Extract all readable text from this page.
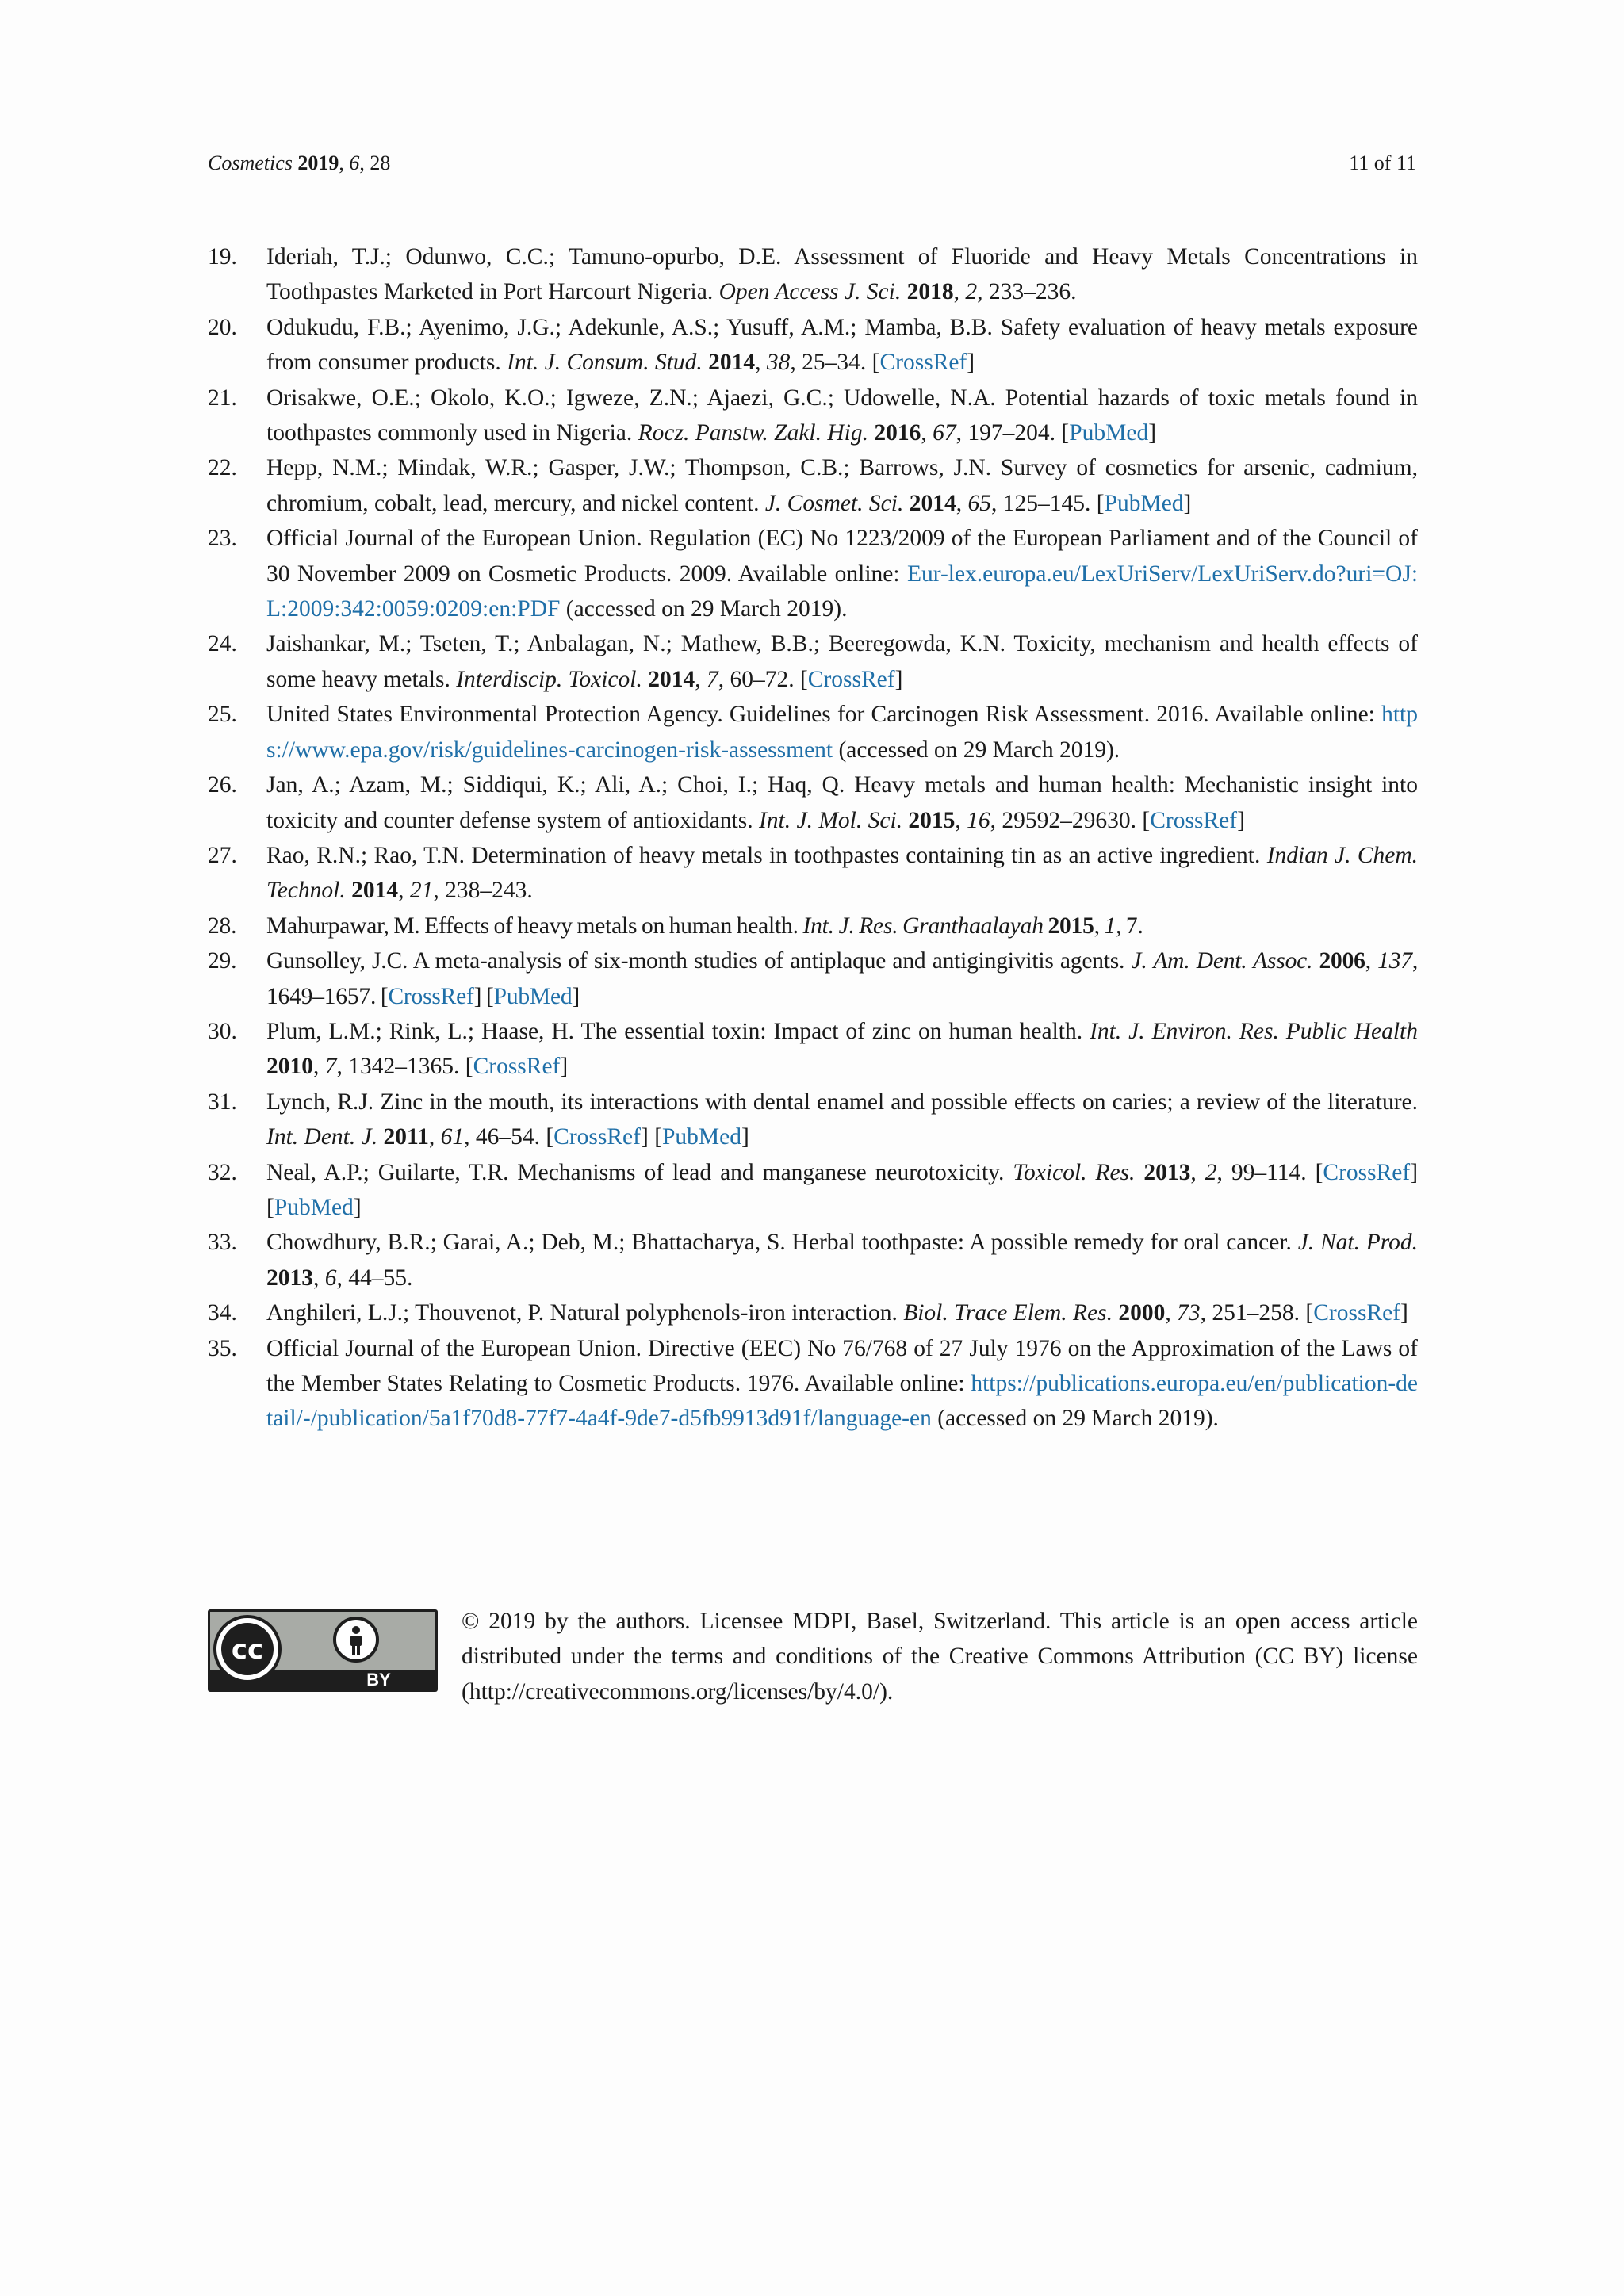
Cosmetics 2019, 6, 28	11 of 11
19. Ideriah, T.J.; Odunwo, C.C.; Tamuno-opurbo, D.E. Assessment of Fluoride and Heavy Metals Concentrations in Toothpastes Marketed in Port Harcourt Nigeria. Open Access J. Sci. 2018, 2, 233–236.
20. Odukudu, F.B.; Ayenimo, J.G.; Adekunle, A.S.; Yusuff, A.M.; Mamba, B.B. Safety evaluation of heavy metals exposure from consumer products. Int. J. Consum. Stud. 2014, 38, 25–34. [CrossRef]
21. Orisakwe, O.E.; Okolo, K.O.; Igweze, Z.N.; Ajaezi, G.C.; Udowelle, N.A. Potential hazards of toxic metals found in toothpastes commonly used in Nigeria. Rocz. Panstw. Zakl. Hig. 2016, 67, 197–204. [PubMed]
22. Hepp, N.M.; Mindak, W.R.; Gasper, J.W.; Thompson, C.B.; Barrows, J.N. Survey of cosmetics for arsenic, cadmium, chromium, cobalt, lead, mercury, and nickel content. J. Cosmet. Sci. 2014, 65, 125–145. [PubMed]
23. Official Journal of the European Union. Regulation (EC) No 1223/2009 of the European Parliament and of the Council of 30 November 2009 on Cosmetic Products. 2009. Available online: Eur-lex.europa.eu/LexUriServ/LexUriServ.do?uri=OJ:L:2009:342:0059:0209:en:PDF (accessed on 29 March 2019).
24. Jaishankar, M.; Tseten, T.; Anbalagan, N.; Mathew, B.B.; Beeregowda, K.N. Toxicity, mechanism and health effects of some heavy metals. Interdiscip. Toxicol. 2014, 7, 60–72. [CrossRef]
25. United States Environmental Protection Agency. Guidelines for Carcinogen Risk Assessment. 2016. Available online: https://www.epa.gov/risk/guidelines-carcinogen-risk-assessment (accessed on 29 March 2019).
26. Jan, A.; Azam, M.; Siddiqui, K.; Ali, A.; Choi, I.; Haq, Q. Heavy metals and human health: Mechanistic insight into toxicity and counter defense system of antioxidants. Int. J. Mol. Sci. 2015, 16, 29592–29630. [CrossRef]
27. Rao, R.N.; Rao, T.N. Determination of heavy metals in toothpastes containing tin as an active ingredient. Indian J. Chem. Technol. 2014, 21, 238–243.
28. Mahurpawar, M. Effects of heavy metals on human health. Int. J. Res. Granthaalayah 2015, 1, 7.
29. Gunsolley, J.C. A meta-analysis of six-month studies of antiplaque and antigingivitis agents. J. Am. Dent. Assoc. 2006, 137, 1649–1657. [CrossRef] [PubMed]
30. Plum, L.M.; Rink, L.; Haase, H. The essential toxin: Impact of zinc on human health. Int. J. Environ. Res. Public Health 2010, 7, 1342–1365. [CrossRef]
31. Lynch, R.J. Zinc in the mouth, its interactions with dental enamel and possible effects on caries; a review of the literature. Int. Dent. J. 2011, 61, 46–54. [CrossRef] [PubMed]
32. Neal, A.P.; Guilarte, T.R. Mechanisms of lead and manganese neurotoxicity. Toxicol. Res. 2013, 2, 99–114. [CrossRef] [PubMed]
33. Chowdhury, B.R.; Garai, A.; Deb, M.; Bhattacharya, S. Herbal toothpaste: A possible remedy for oral cancer. J. Nat. Prod. 2013, 6, 44–55.
34. Anghileri, L.J.; Thouvenot, P. Natural polyphenols-iron interaction. Biol. Trace Elem. Res. 2000, 73, 251–258. [CrossRef]
35. Official Journal of the European Union. Directive (EEC) No 76/768 of 27 July 1976 on the Approximation of the Laws of the Member States Relating to Cosmetic Products. 1976. Available online: https://publications.europa.eu/en/publication-detail/-/publication/5a1f70d8-77f7-4a4f-9de7-d5fb9913d91f/language-en (accessed on 29 March 2019).
cc
BY
© 2019 by the authors. Licensee MDPI, Basel, Switzerland. This article is an open access article distributed under the terms and conditions of the Creative Commons Attribution (CC BY) license (http://creativecommons.org/licenses/by/4.0/).
